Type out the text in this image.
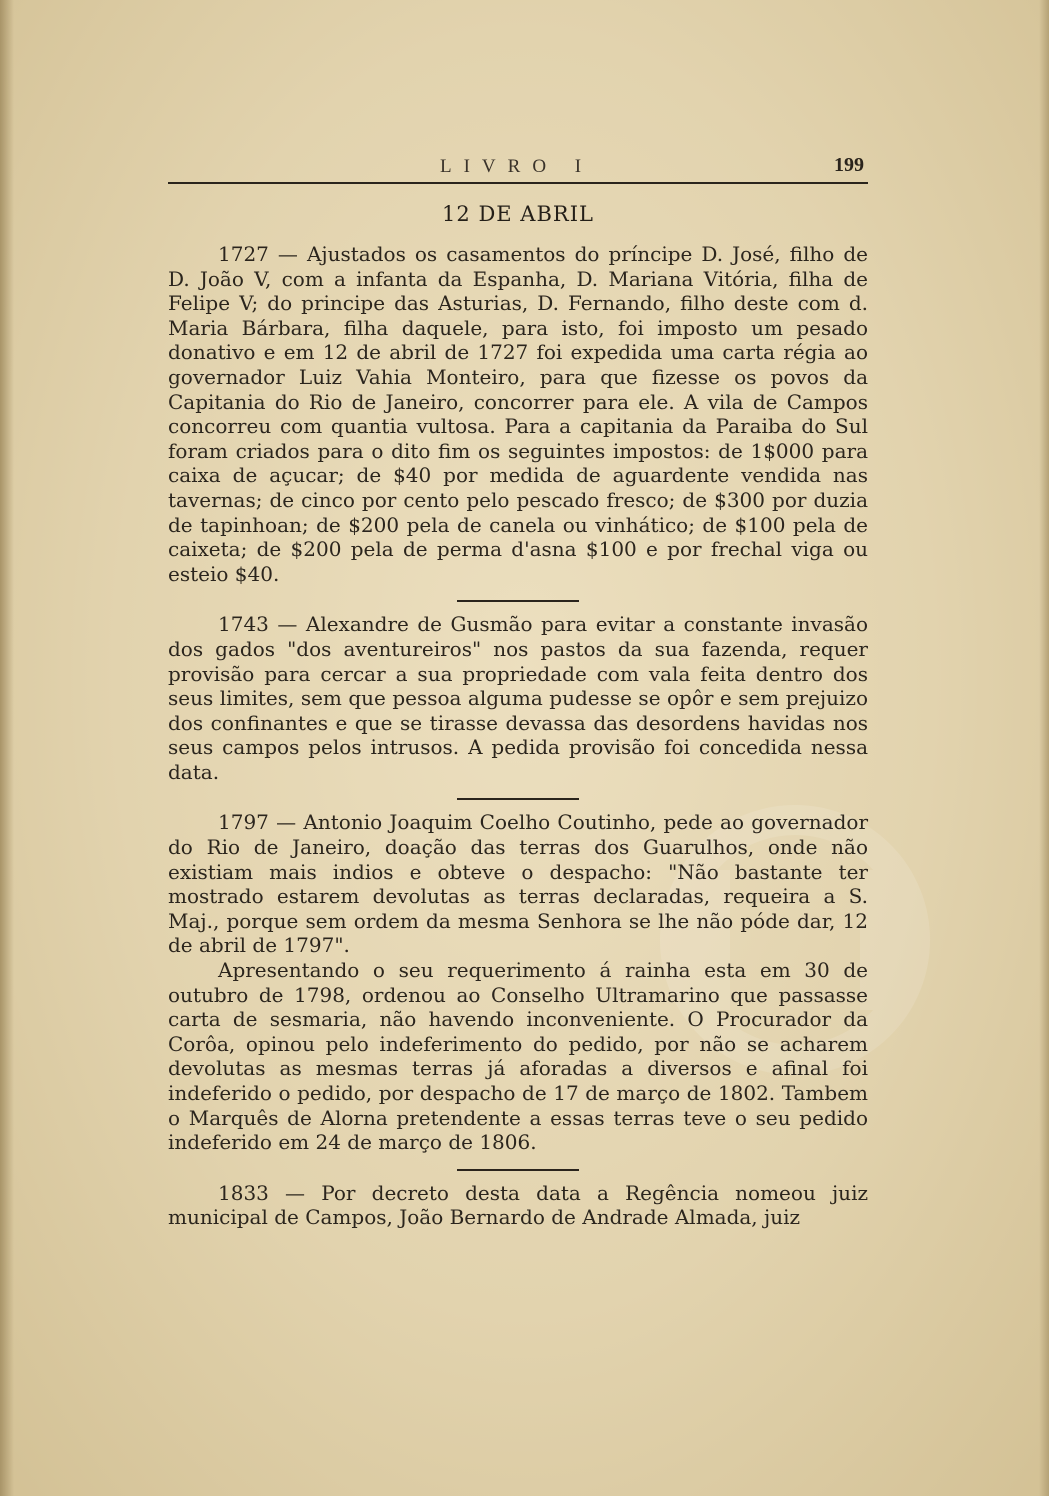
LIVRO I	199
12 DE ABRIL

1727 — Ajustados os casamentos do príncipe D. José, filho de D. João V, com a infanta da Espanha, D. Mariana Vitória, filha de Felipe V; do principe das Asturias, D. Fernando, filho deste com d. Maria Bárbara, filha daquele, para isto, foi imposto um pesado donativo e em 12 de abril de 1727 foi expedida uma carta régia ao governador Luiz Vahia Monteiro, para que fizesse os povos da Capitania do Rio de Janeiro, concorrer para ele. A vila de Campos concorreu com quantia vultosa. Para a capitania da Paraiba do Sul foram criados para o dito fim os seguintes impostos: de 1$000 para caixa de açucar; de $40 por medida de aguardente vendida nas tavernas; de cinco por cento pelo pescado fresco; de $300 por duzia de tapinhoan; de $200 pela de canela ou vinhático; de $100 pela de caixeta; de $200 pela de perma d'asna $100 e por frechal viga ou esteio $40.

1743 — Alexandre de Gusmão para evitar a constante invasão dos gados "dos aventureiros" nos pastos da sua fazenda, requer provisão para cercar a sua propriedade com vala feita dentro dos seus limites, sem que pessoa alguma pudesse se opôr e sem prejuizo dos confinantes e que se tirasse devassa das desordens havidas nos seus campos pelos intrusos. A pedida provisão foi concedida nessa data.

1797 — Antonio Joaquim Coelho Coutinho, pede ao governador do Rio de Janeiro, doação das terras dos Guarulhos, onde não existiam mais indios e obteve o despacho: "Não bastante ter mostrado estarem devolutas as terras declaradas, requeira a S. Maj., porque sem ordem da mesma Senhora se lhe não póde dar, 12 de abril de 1797".

Apresentando o seu requerimento á rainha esta em 30 de outubro de 1798, ordenou ao Conselho Ultramarino que passasse carta de sesmaria, não havendo inconveniente. O Procurador da Corôa, opinou pelo indeferimento do pedido, por não se acharem devolutas as mesmas terras já aforadas a diversos e afinal foi indeferido o pedido, por despacho de 17 de março de 1802. Tambem o Marquês de Alorna pretendente a essas terras teve o seu pedido indeferido em 24 de março de 1806.

1833 — Por decreto desta data a Regência nomeou juiz municipal de Campos, João Bernardo de Andrade Almada, juiz
